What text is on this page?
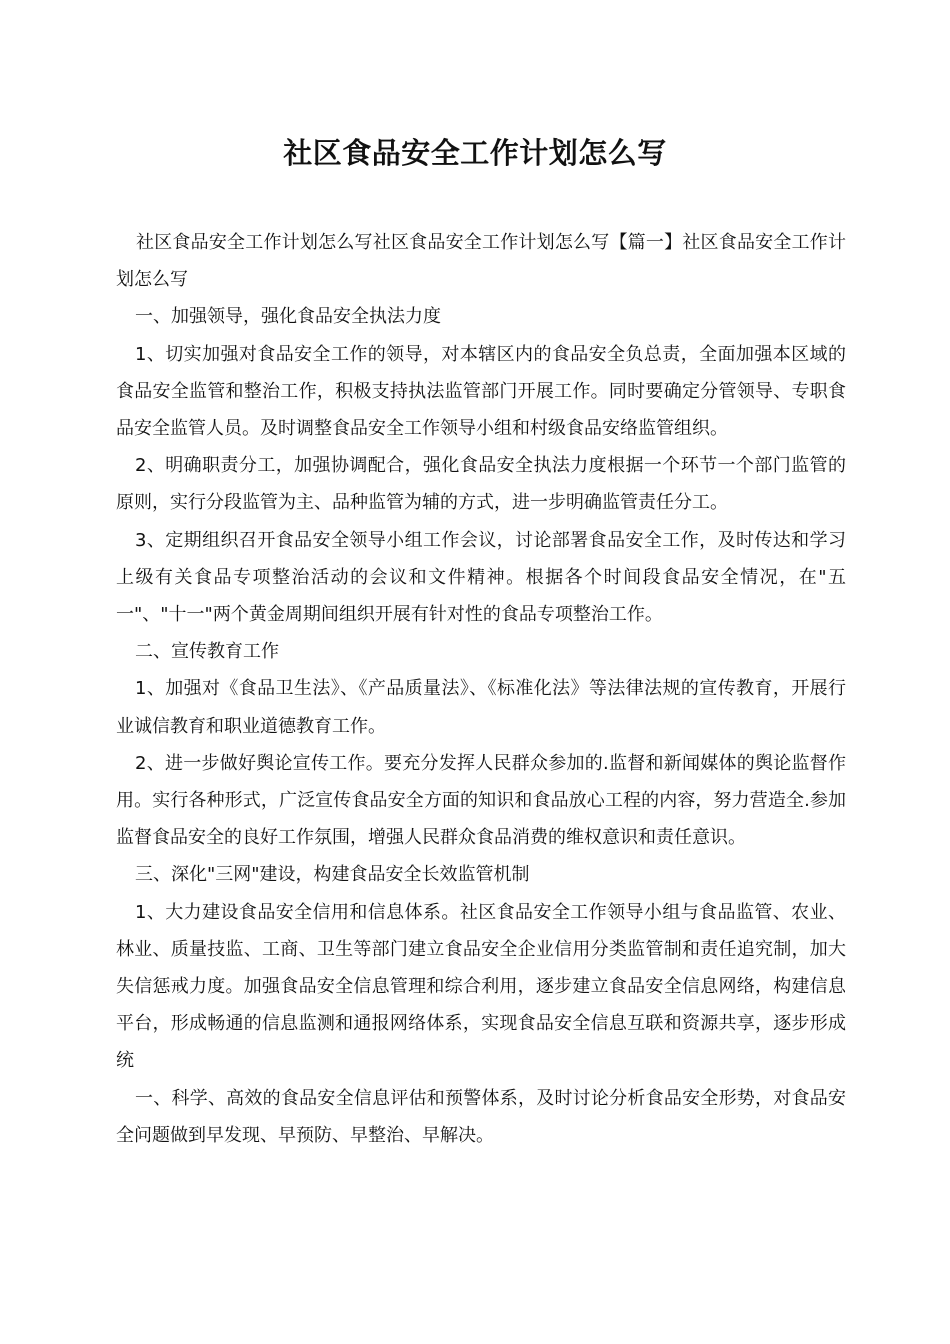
社区食品安全工作计划怎么写

社区食品安全工作计划怎么写社区食品安全工作计划怎么写【篇一】社区食品安全工作计划怎么写

一、加强领导，强化食品安全执法力度

1、切实加强对食品安全工作的领导，对本辖区内的食品安全负总责，全面加强本区域的食品安全监管和整治工作，积极支持执法监管部门开展工作。同时要确定分管领导、专职食品安全监管人员。及时调整食品安全工作领导小组和村级食品安络监管组织。

2、明确职责分工，加强协调配合，强化食品安全执法力度根据一个环节一个部门监管的原则，实行分段监管为主、品种监管为辅的方式，进一步明确监管责任分工。

3、定期组织召开食品安全领导小组工作会议，讨论部署食品安全工作，及时传达和学习上级有关食品专项整治活动的会议和文件精神。根据各个时间段食品安全情况，在"五一"、"十一"两个黄金周期间组织开展有针对性的食品专项整治工作。

二、宣传教育工作

1、加强对《食品卫生法》、《产品质量法》、《标准化法》等法律法规的宣传教育，开展行业诚信教育和职业道德教育工作。

2、进一步做好舆论宣传工作。要充分发挥人民群众参加的.监督和新闻媒体的舆论监督作用。实行各种形式，广泛宣传食品安全方面的知识和食品放心工程的内容，努力营造全.参加监督食品安全的良好工作氛围，增强人民群众食品消费的维权意识和责任意识。

三、深化"三网"建设，构建食品安全长效监管机制

1、大力建设食品安全信用和信息体系。社区食品安全工作领导小组与食品监管、农业、林业、质量技监、工商、卫生等部门建立食品安全企业信用分类监管制和责任追究制，加大失信惩戒力度。加强食品安全信息管理和综合利用，逐步建立食品安全信息网络，构建信息平台，形成畅通的信息监测和通报网络体系，实现食品安全信息互联和资源共享，逐步形成统

一、科学、高效的食品安全信息评估和预警体系，及时讨论分析食品安全形势，对食品安全问题做到早发现、早预防、早整治、早解决。
